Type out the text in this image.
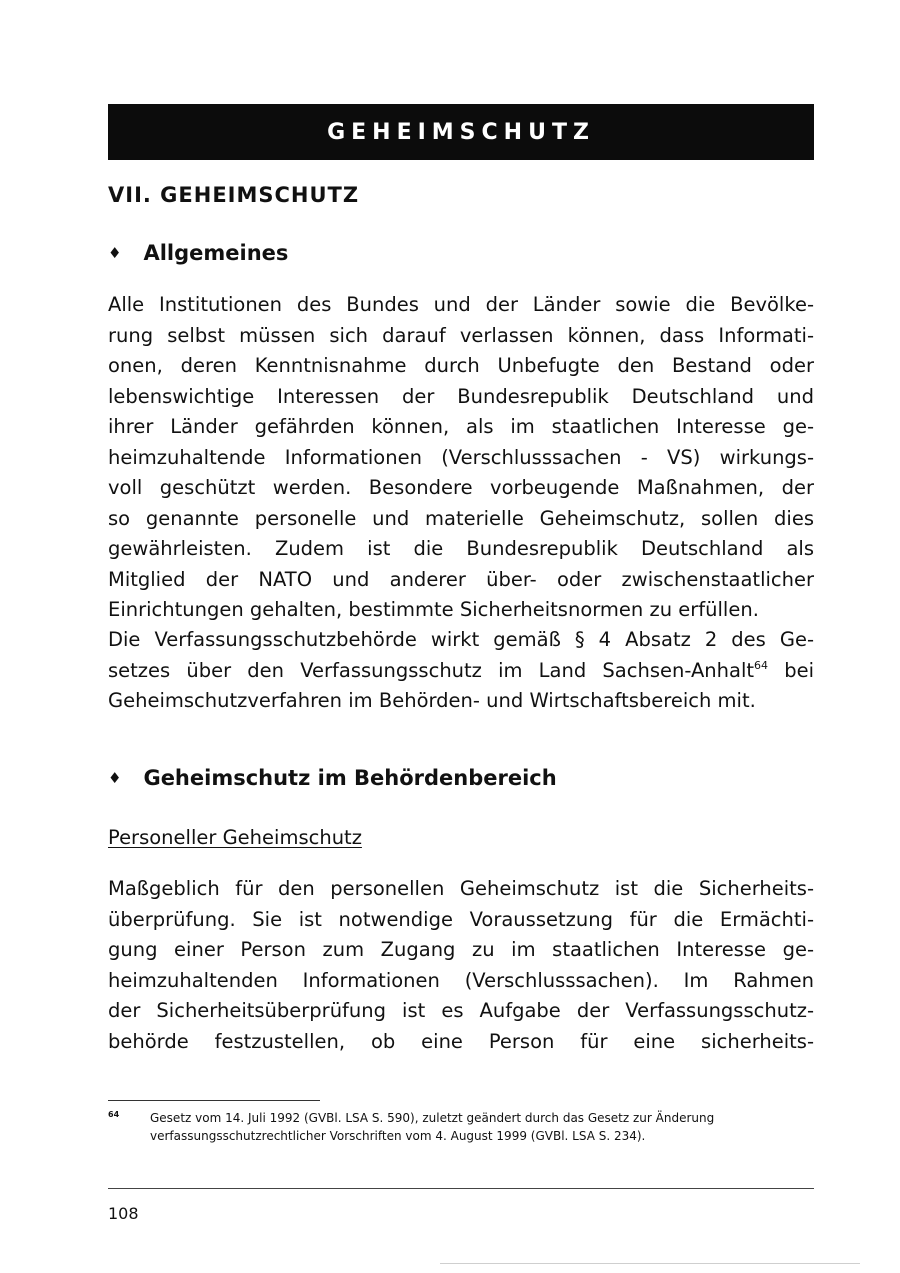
GEHEIMSCHUTZ
VII. GEHEIMSCHUTZ
♦ Allgemeines

Alle Institutionen des Bundes und der Länder sowie die Bevölke-
rung selbst müssen sich darauf verlassen können, dass Informati-
onen, deren Kenntnisnahme durch Unbefugte den Bestand oder
lebenswichtige Interessen der Bundesrepublik Deutschland und
ihrer Länder gefährden können, als im staatlichen Interesse ge-
heimzuhaltende Informationen (Verschlusssachen - VS) wirkungs-
voll geschützt werden. Besondere vorbeugende Maßnahmen, der
so genannte personelle und materielle Geheimschutz, sollen dies
gewährleisten. Zudem ist die Bundesrepublik Deutschland als
Mitglied der NATO und anderer über- oder zwischenstaatlicher
Einrichtungen gehalten, bestimmte Sicherheitsnormen zu erfüllen.

Die Verfassungsschutzbehörde wirkt gemäß § 4 Absatz 2 des Ge-
setzes über den Verfassungsschutz im Land Sachsen-Anhalt$^{64}$ bei
Geheimschutzverfahren im Behörden- und Wirtschaftsbereich mit.

♦ Geheimschutz im Behördenbereich
Personeller Geheimschutz

Maßgeblich für den personellen Geheimschutz ist die Sicherheits-
überprüfung. Sie ist notwendige Voraussetzung für die Ermächti-
gung einer Person zum Zugang zu im staatlichen Interesse ge-
heimzuhaltenden Informationen (Verschlusssachen). Im Rahmen
der Sicherheitsüberprüfung ist es Aufgabe der Verfassungsschutz-
behörde festzustellen, ob eine Person für eine sicherheits-

64	Gesetz vom 14. Juli 1992 (GVBl. LSA S. 590), zuletzt geändert durch das Gesetz zur Änderung
verfassungsschutzrechtlicher Vorschriften vom 4. August 1999 (GVBl. LSA S. 234).
108
